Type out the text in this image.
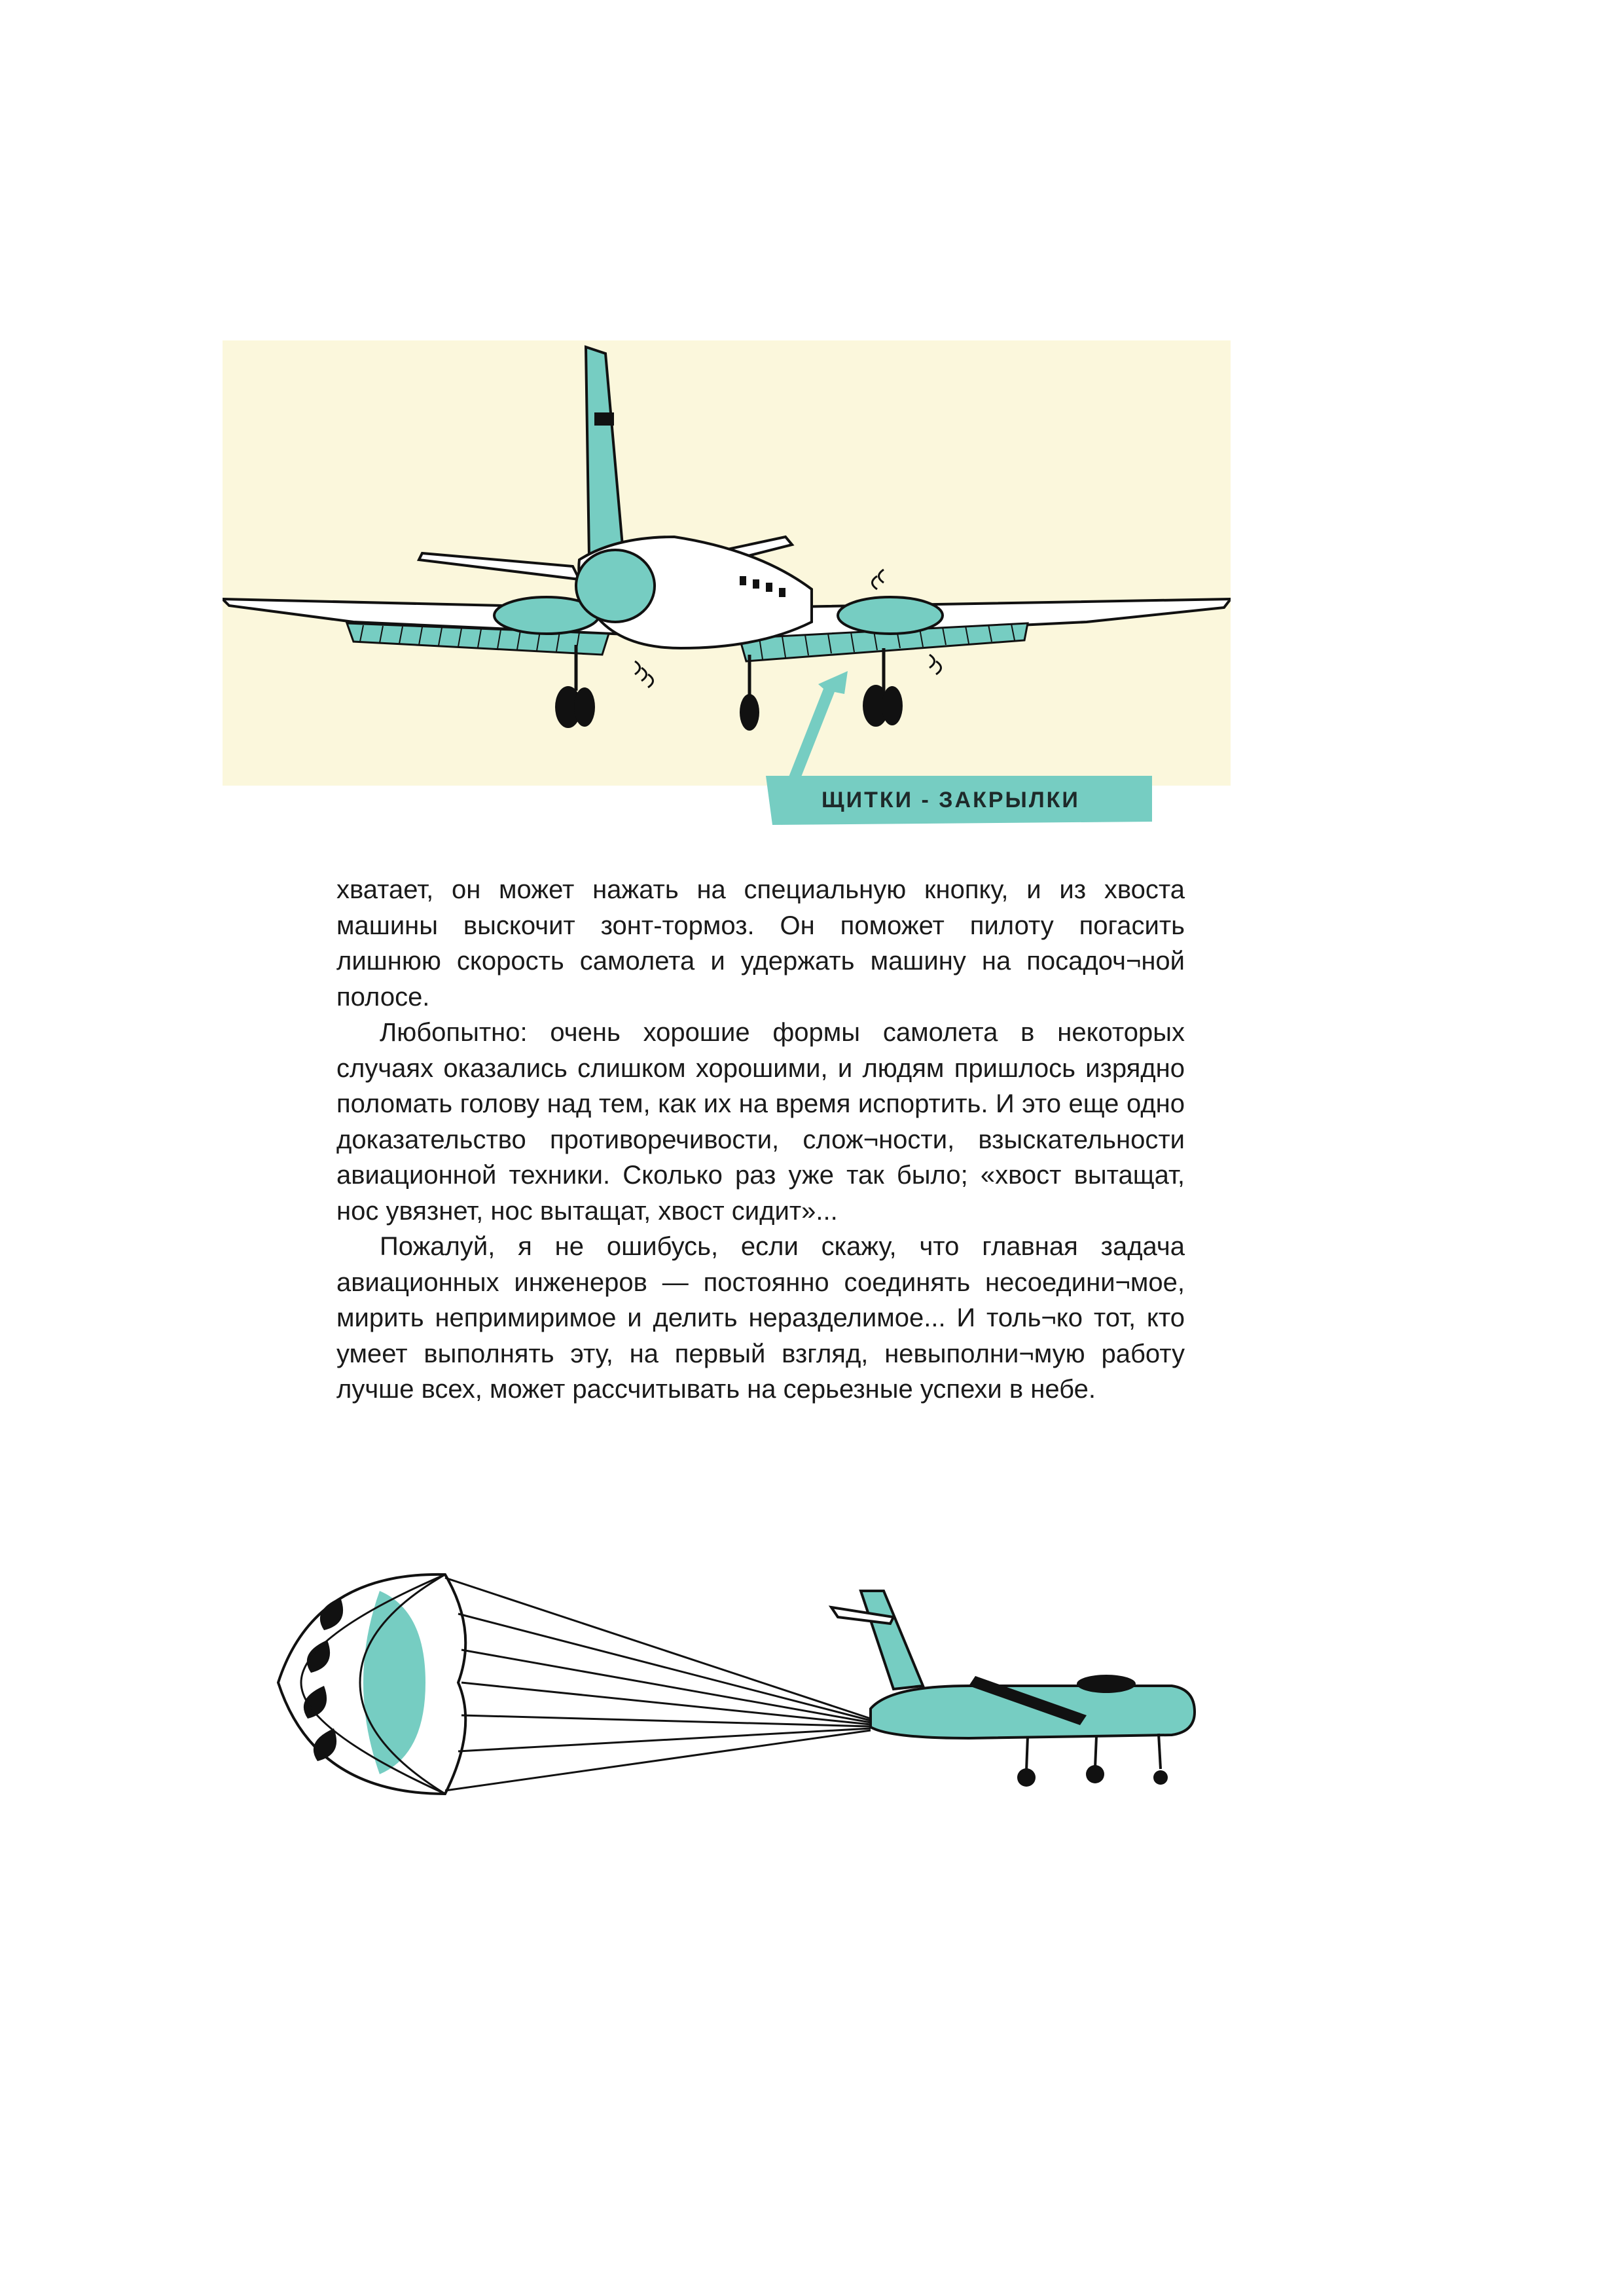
ЩИТКИ - ЗАКРЫЛКИ

хватает, он может нажать на специальную кнопку, и из хвоста машины выскочит зонт-тормоз. Он поможет пилоту погасить лишнюю скорость самолета и удержать машину на посадоч¬ной полосе.

Любопытно: очень хорошие формы самолета в некоторых случаях оказались слишком хорошими, и людям пришлось изрядно поломать голову над тем, как их на время испортить. И это еще одно доказательство противоречивости, слож¬ности, взыскательности авиационной техники. Сколько раз уже так было; «хвост вытащат, нос увязнет, нос вытащат, хвост сидит»...

Пожалуй, я не ошибусь, если скажу, что главная задача авиационных инженеров — постоянно соединять несоедини¬мое, мирить непримиримое и делить неразделимое... И толь¬ко тот, кто умеет выполнять эту, на первый взгляд, невыполни¬мую работу лучше всех, может рассчитывать на серьезные успехи в небе.
